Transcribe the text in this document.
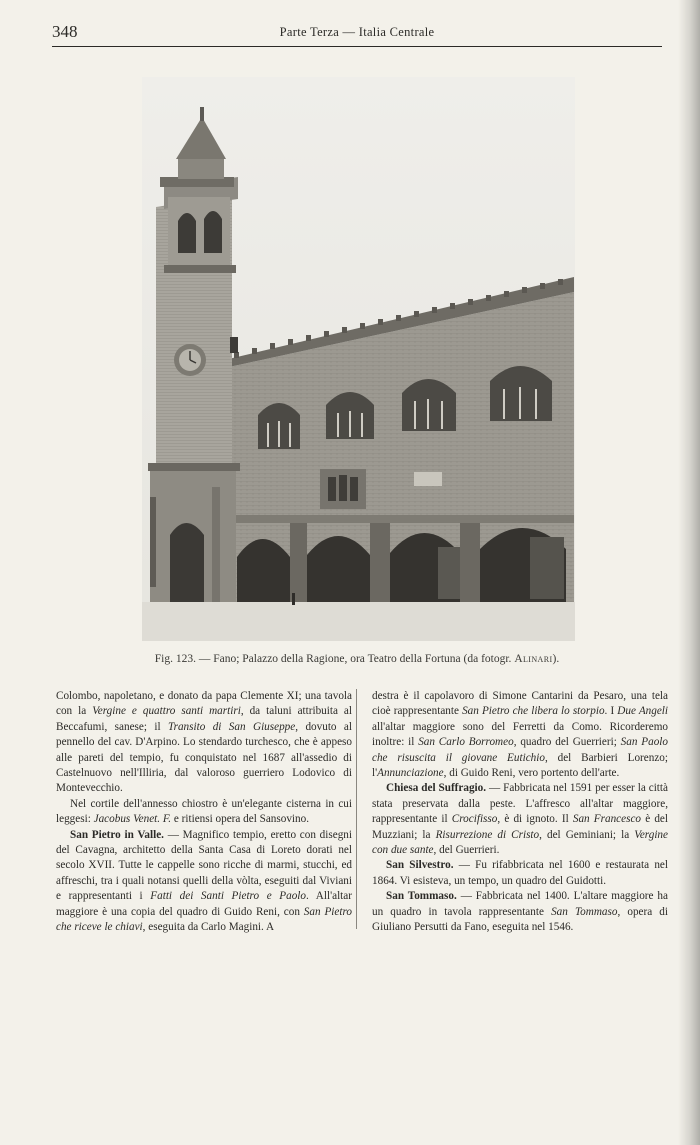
348	Parte Terza — Italia Centrale
Fig. 123. — Fano; Palazzo della Ragione, ora Teatro della Fortuna (da fotogr. Alinari).

Colombo, napoletano, e donato da papa Clemente XI; una tavola con la Vergine e quattro santi martiri, da taluni attribuita al Beccafumi, sanese; il Transito di San Giuseppe, dovuto al pennello del cav. D'Arpino. Lo stendardo turchesco, che è appeso alle pareti del tempio, fu conquistato nel 1687 all'assedio di Castelnuovo nell'Illiria, dal valoroso guerriero Lodovico di Montevecchio.

Nel cortile dell'annesso chiostro è un'elegante cisterna in cui leggesi: Jacobus Venet. F. e ritiensi opera del Sansovino.

San Pietro in Valle. — Magnifico tempio, eretto con disegni del Cavagna, architetto della Santa Casa di Loreto dorati nel secolo XVII. Tutte le cappelle sono ricche di marmi, stucchi, ed affreschi, tra i quali notansi quelli della vòlta, eseguiti dal Viviani e rappresentanti i Fatti dei Santi Pietro e Paolo. All'altar maggiore è una copia del quadro di Guido Reni, con San Pietro che riceve le chiavi, eseguita da Carlo Magini. A

destra è il capolavoro di Simone Cantarini da Pesaro, una tela cioè rappresentante San Pietro che libera lo storpio. I Due Angeli all'altar maggiore sono del Ferretti da Como. Ricorderemo inoltre: il San Carlo Borromeo, quadro del Guerrieri; San Paolo che risuscita il giovane Eutichio, del Barbieri Lorenzo; l'Annunciazione, di Guido Reni, vero portento dell'arte.

Chiesa del Suffragio. — Fabbricata nel 1591 per esser la città stata preservata dalla peste. L'affresco all'altar maggiore, rappresentante il Crocifisso, è di ignoto. Il San Francesco è del Muzziani; la Risurrezione di Cristo, del Geminiani; la Vergine con due sante, del Guerrieri.

San Silvestro. — Fu rifabbricata nel 1600 e restaurata nel 1864. Vi esisteva, un tempo, un quadro del Guidotti.

San Tommaso. — Fabbricata nel 1400. L'altare maggiore ha un quadro in tavola rappresentante San Tommaso, opera di Giuliano Persutti da Fano, eseguita nel 1546.
